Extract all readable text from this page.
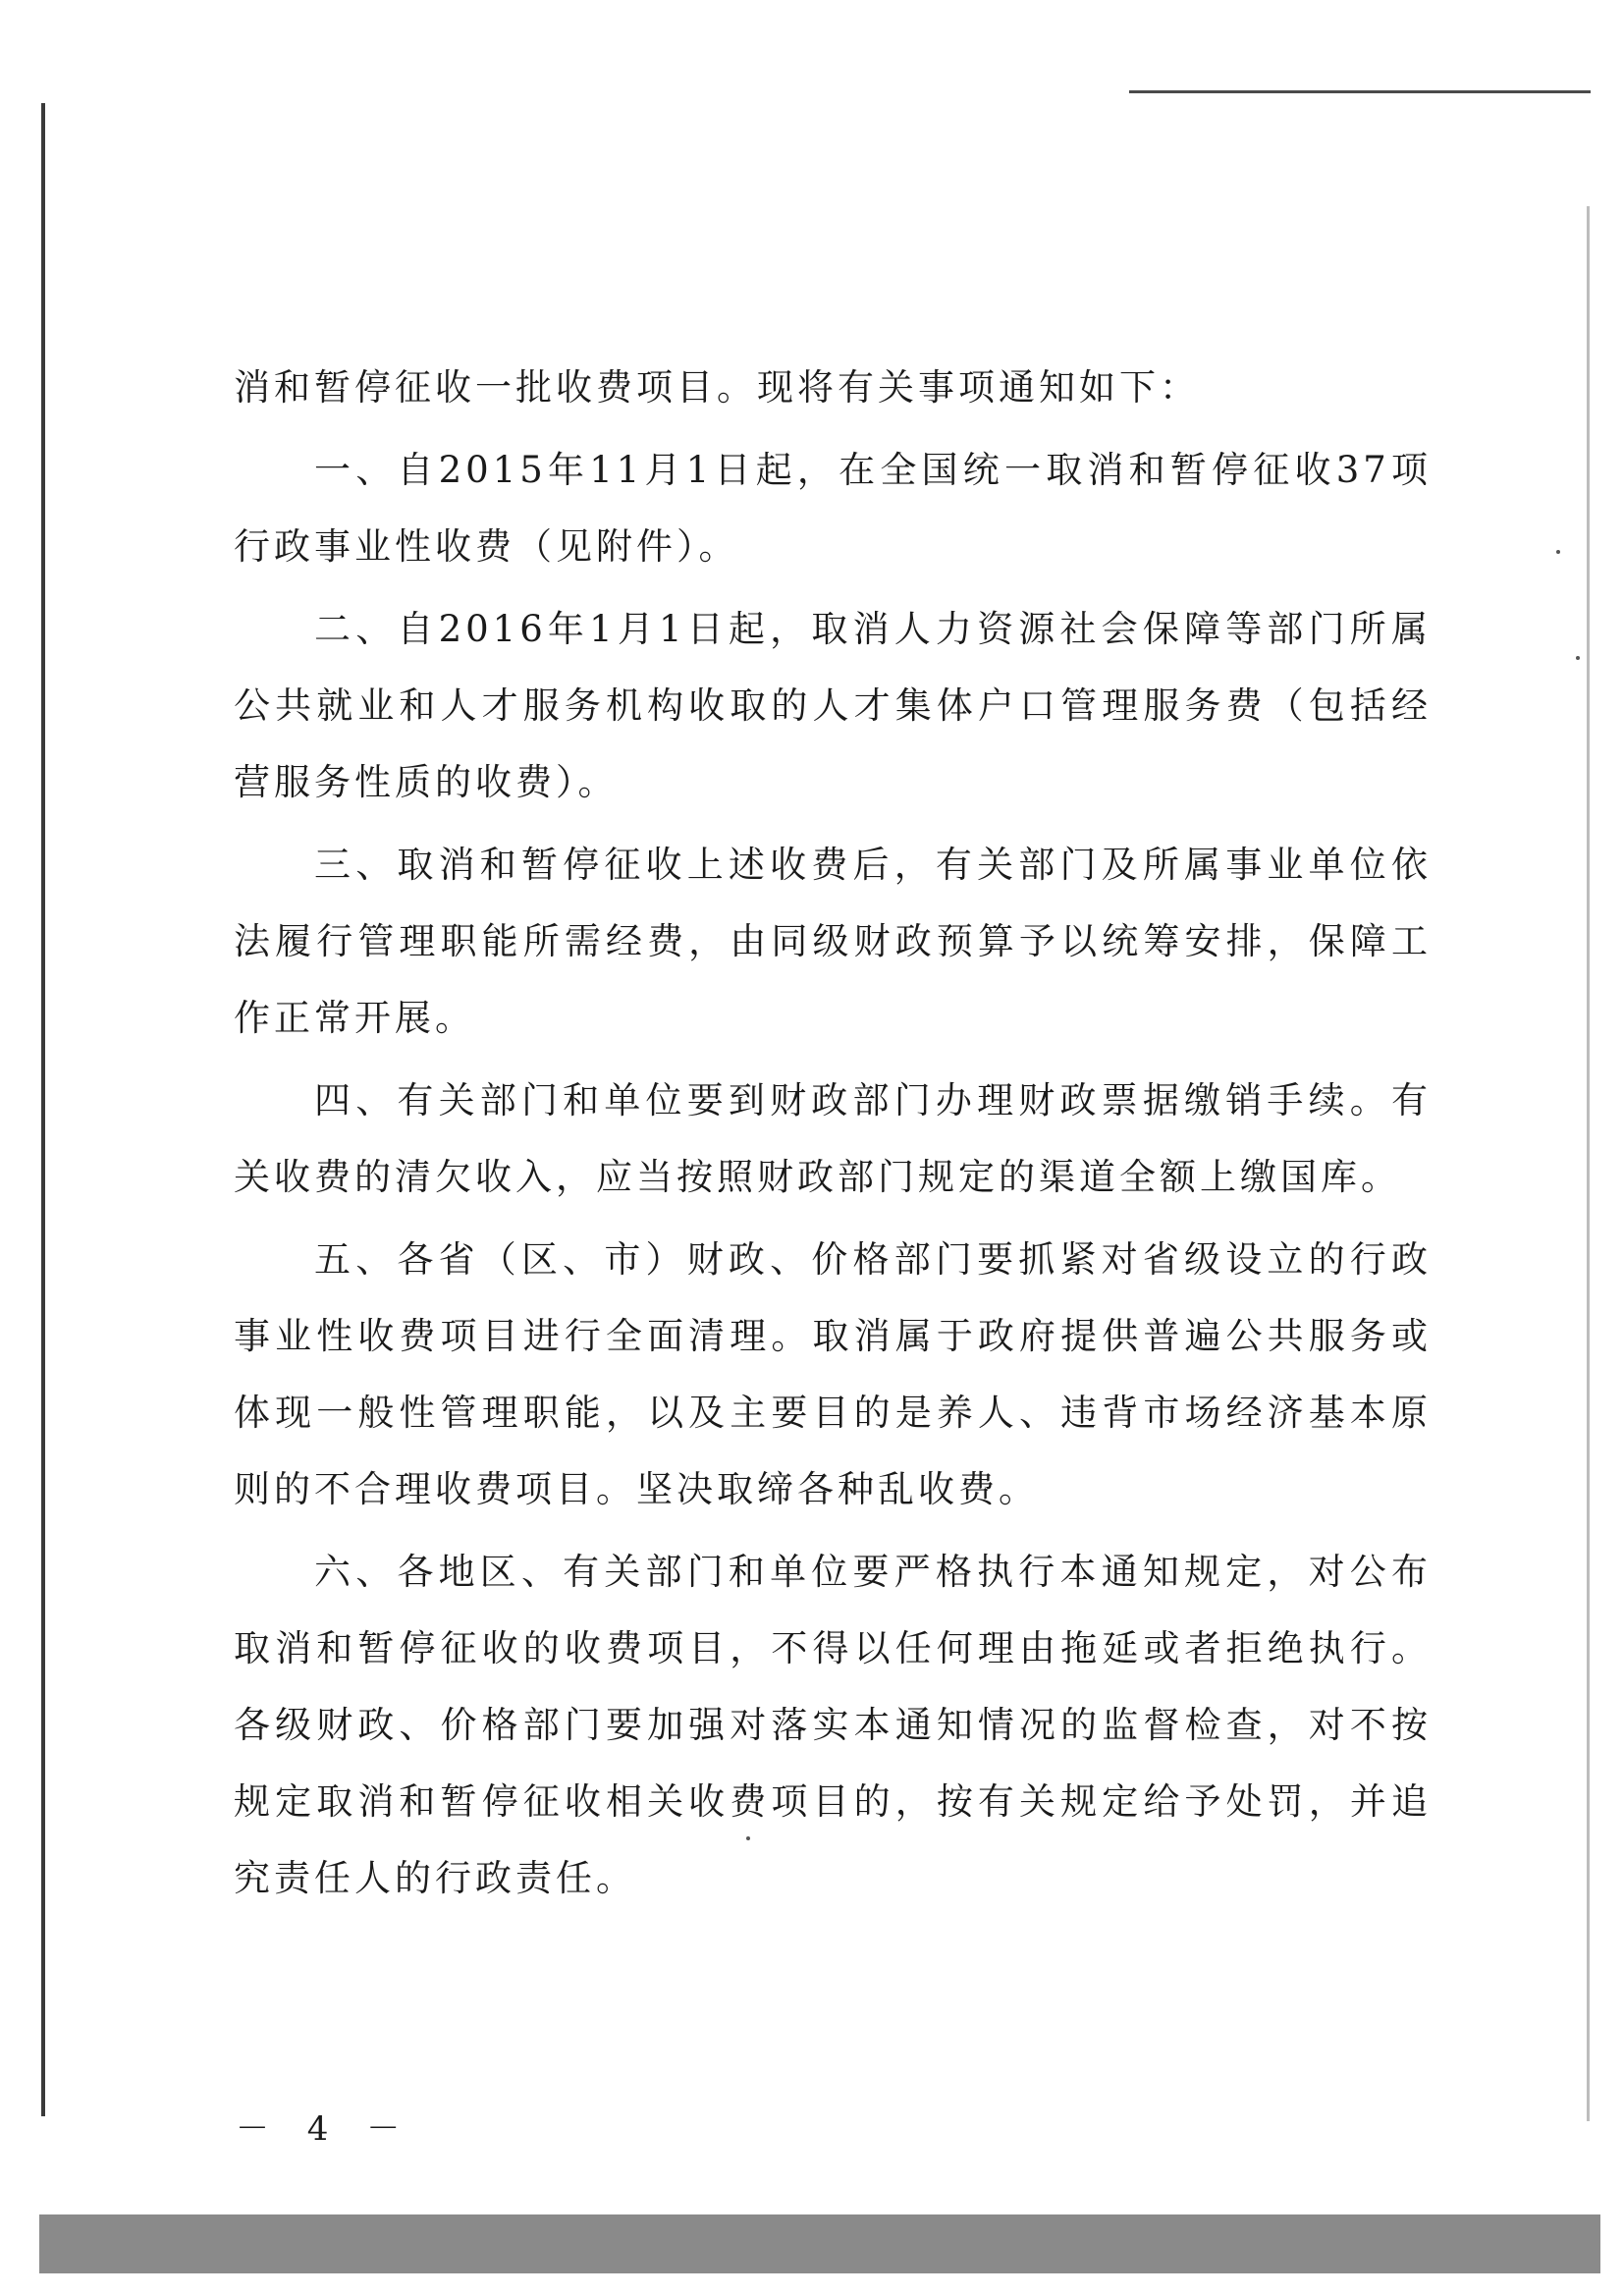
消和暂停征收一批收费项目。现将有关事项通知如下：

一、自2015年11月1日起，在全国统一取消和暂停征收37项行政事业性收费（见附件）。

二、自2016年1月1日起，取消人力资源社会保障等部门所属公共就业和人才服务机构收取的人才集体户口管理服务费（包括经营服务性质的收费）。

三、取消和暂停征收上述收费后，有关部门及所属事业单位依法履行管理职能所需经费，由同级财政预算予以统筹安排，保障工作正常开展。

四、有关部门和单位要到财政部门办理财政票据缴销手续。有关收费的清欠收入，应当按照财政部门规定的渠道全额上缴国库。

五、各省（区、市）财政、价格部门要抓紧对省级设立的行政事业性收费项目进行全面清理。取消属于政府提供普遍公共服务或体现一般性管理职能，以及主要目的是养人、违背市场经济基本原则的不合理收费项目。坚决取缔各种乱收费。

六、各地区、有关部门和单位要严格执行本通知规定，对公布取消和暂停征收的收费项目，不得以任何理由拖延或者拒绝执行。各级财政、价格部门要加强对落实本通知情况的监督检查，对不按规定取消和暂停征收相关收费项目的，按有关规定给予处罚，并追究责任人的行政责任。

－ 4 －
